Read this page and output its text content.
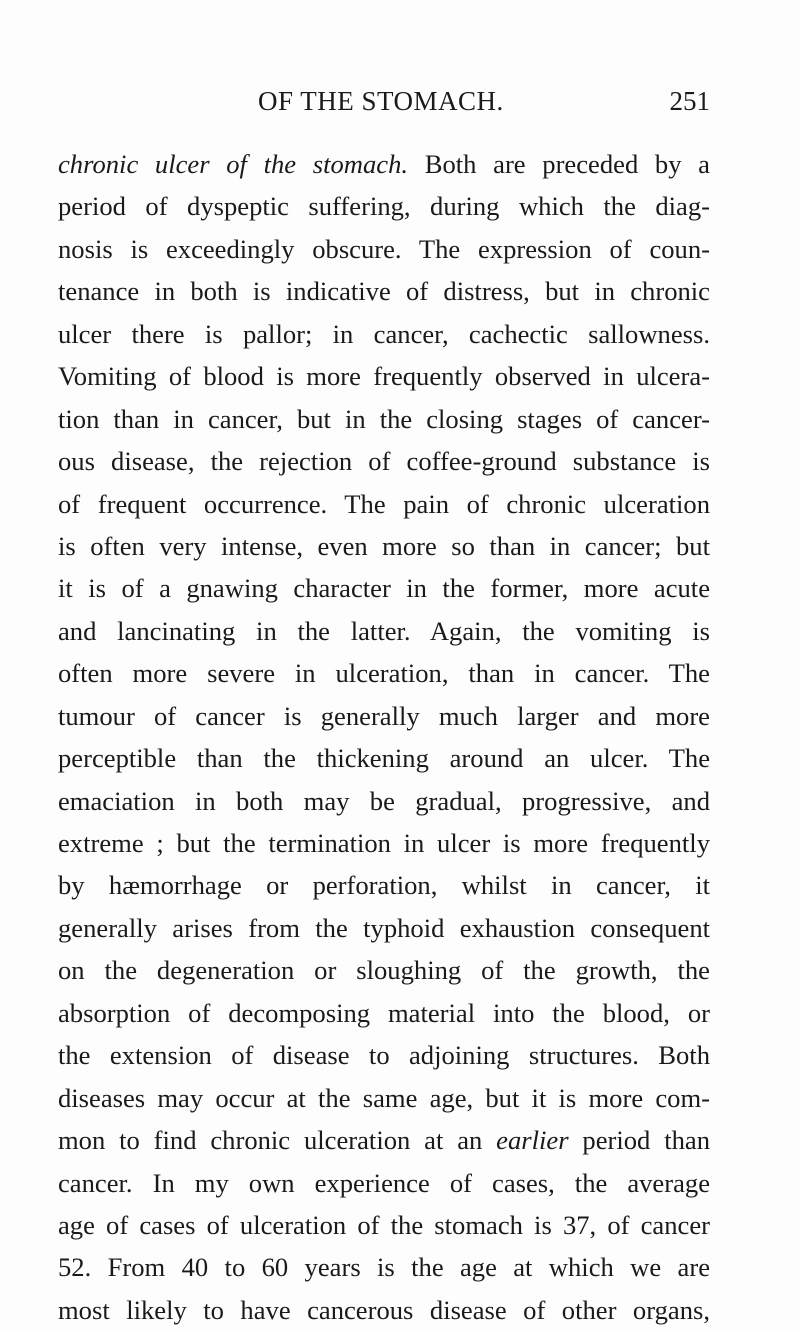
OF THE STOMACH.	251
chronic ulcer of the stomach. Both are preceded by a
period of dyspeptic suffering, during which the diag-
nosis is exceedingly obscure. The expression of coun-
tenance in both is indicative of distress, but in chronic
ulcer there is pallor; in cancer, cachectic sallowness.
Vomiting of blood is more frequently observed in ulcera-
tion than in cancer, but in the closing stages of cancer-
ous disease, the rejection of coffee-ground substance is
of frequent occurrence. The pain of chronic ulceration
is often very intense, even more so than in cancer; but
it is of a gnawing character in the former, more acute
and lancinating in the latter. Again, the vomiting is
often more severe in ulceration, than in cancer. The
tumour of cancer is generally much larger and more
perceptible than the thickening around an ulcer. The
emaciation in both may be gradual, progressive, and
extreme ; but the termination in ulcer is more frequently
by hæmorrhage or perforation, whilst in cancer, it
generally arises from the typhoid exhaustion consequent
on the degeneration or sloughing of the growth, the
absorption of decomposing material into the blood, or
the extension of disease to adjoining structures. Both
diseases may occur at the same age, but it is more com-
mon to find chronic ulceration at an earlier period than
cancer. In my own experience of cases, the average
age of cases of ulceration of the stomach is 37, of cancer
52. From 40 to 60 years is the age at which we are
most likely to have cancerous disease of other organs,
